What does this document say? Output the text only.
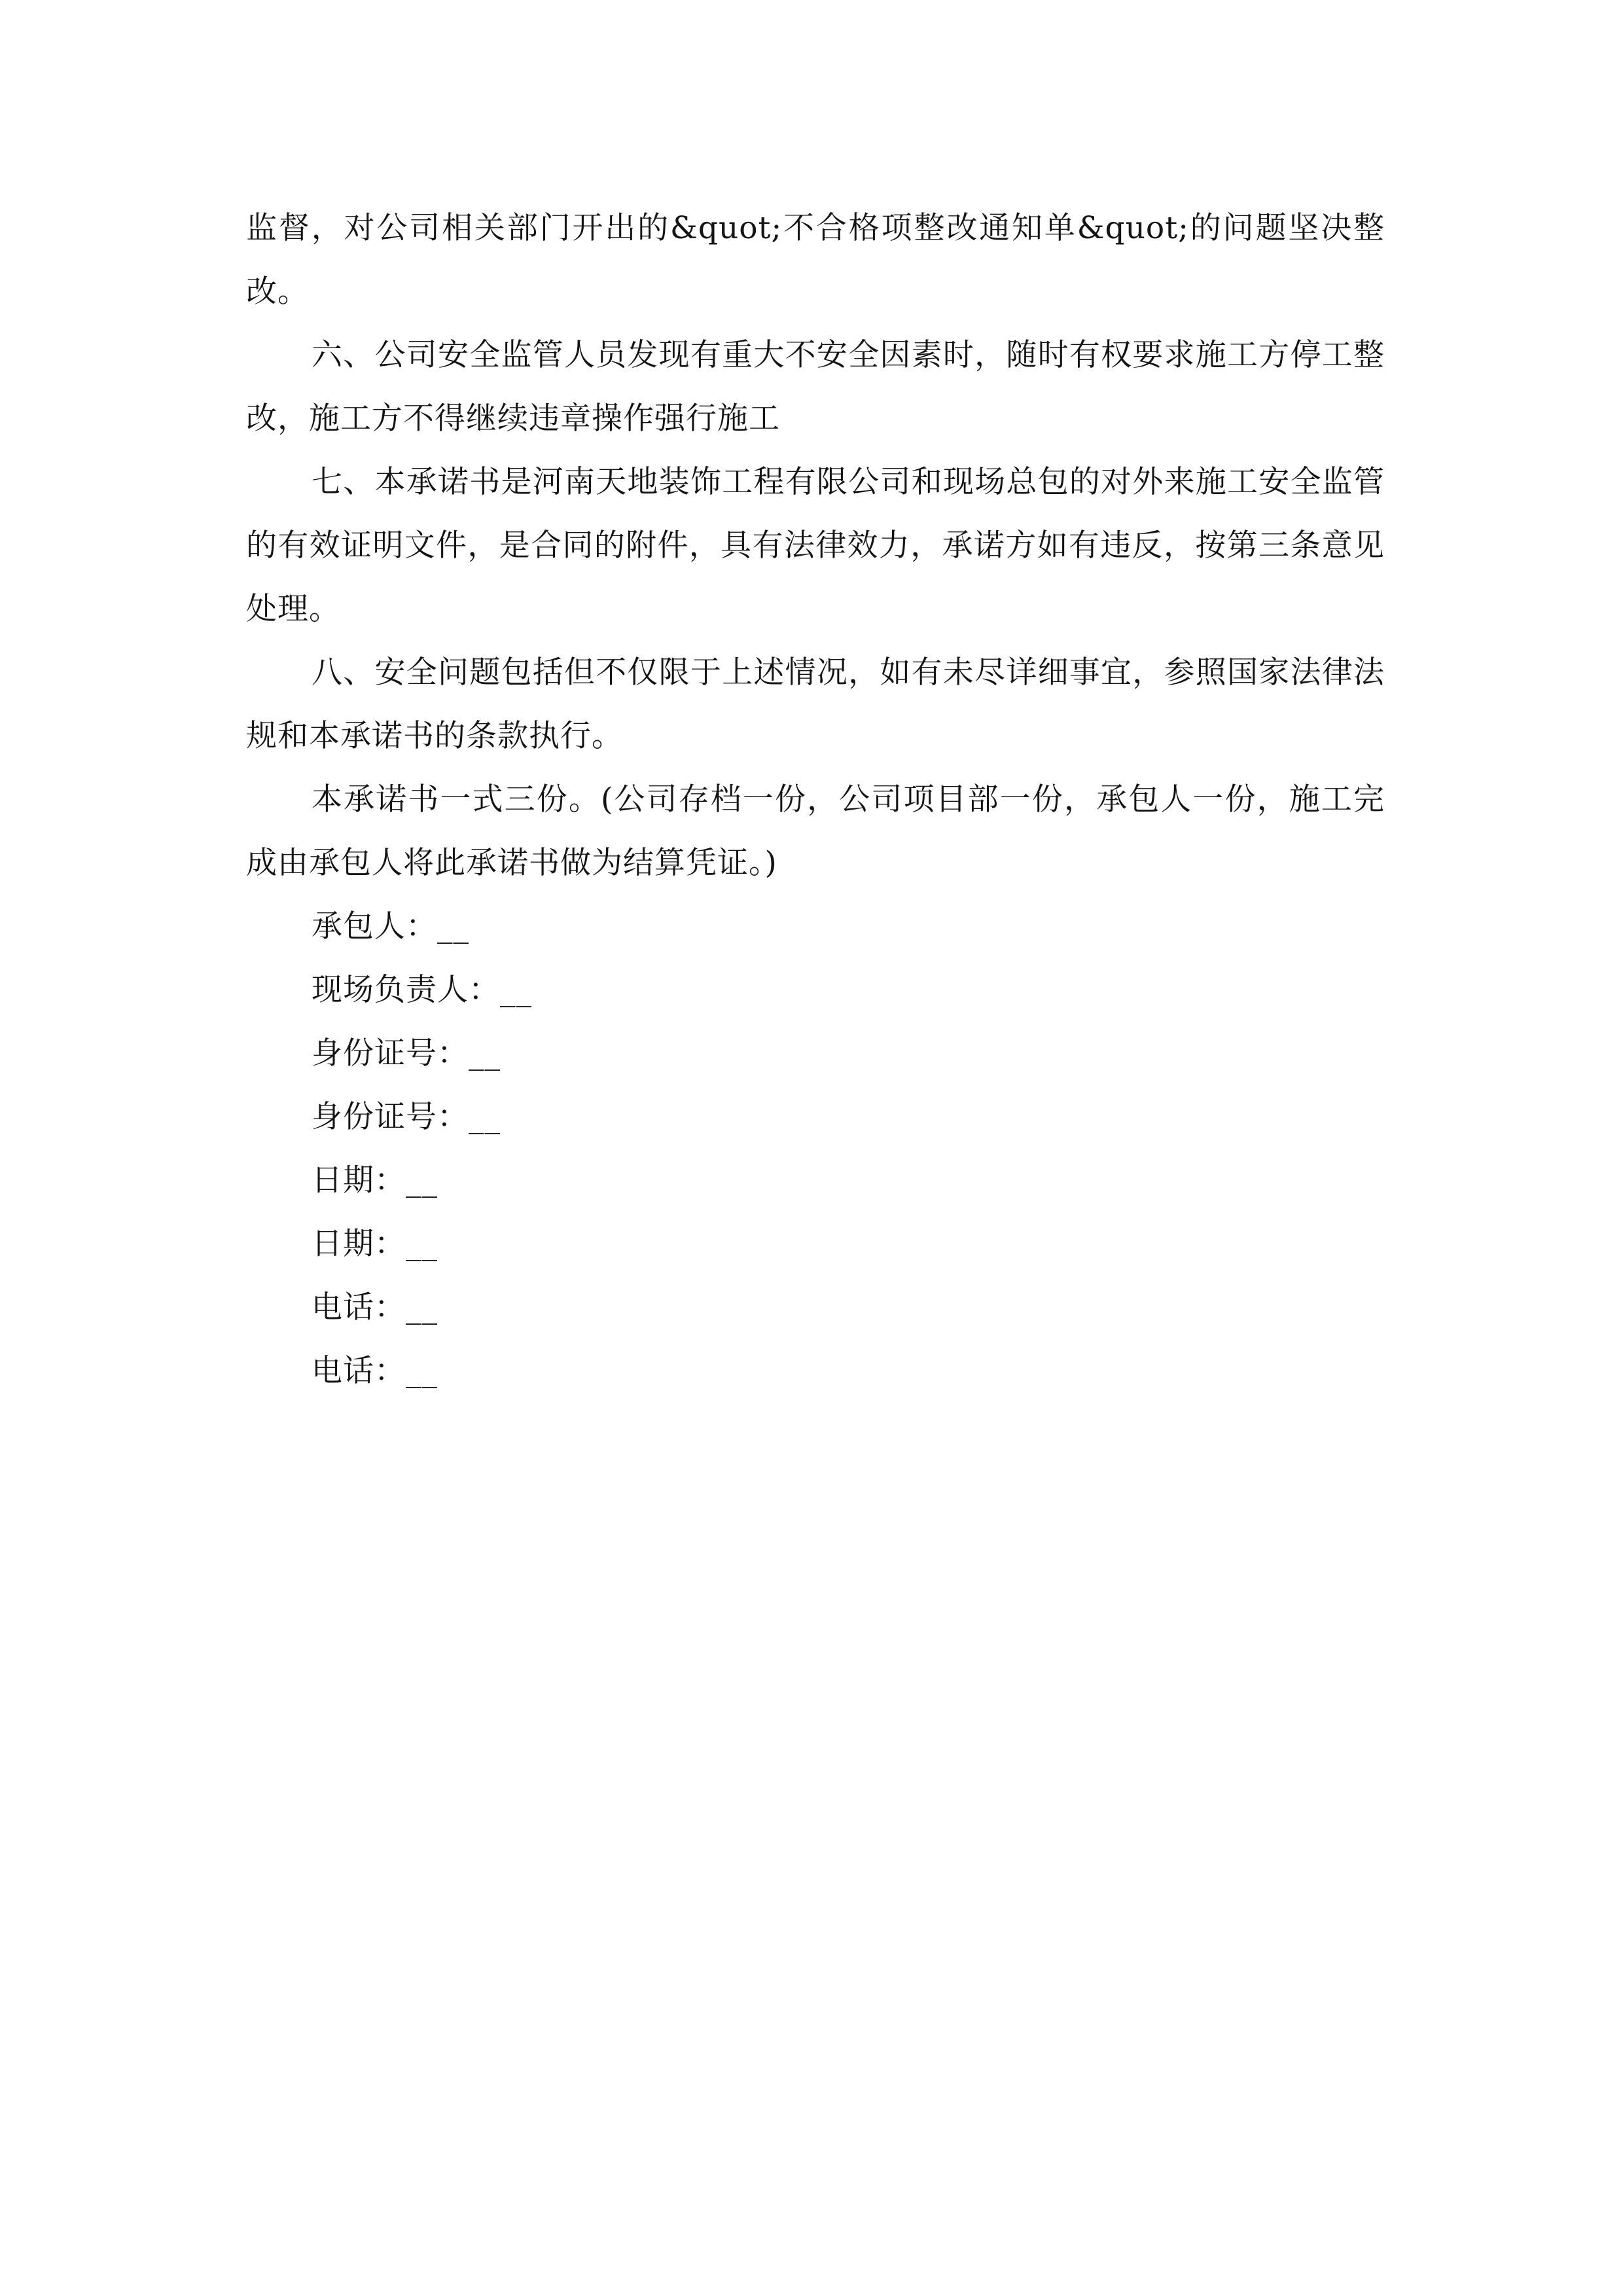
监督，对公司相关部门开出的&quot;不合格项整改通知单&quot;的问题坚决整改。

六、公司安全监管人员发现有重大不安全因素时，随时有权要求施工方停工整改，施工方不得继续违章操作强行施工

七、本承诺书是河南天地装饰工程有限公司和现场总包的对外来施工安全监管的有效证明文件，是合同的附件，具有法律效力，承诺方如有违反，按第三条意见处理。

八、安全问题包括但不仅限于上述情况，如有未尽详细事宜，参照国家法律法规和本承诺书的条款执行。

本承诺书一式三份。(公司存档一份，公司项目部一份，承包人一份，施工完成由承包人将此承诺书做为结算凭证。)

承包人：__
现场负责人：__
身份证号：__
身份证号：__
日期：__
日期：__
电话：__
电话：__
